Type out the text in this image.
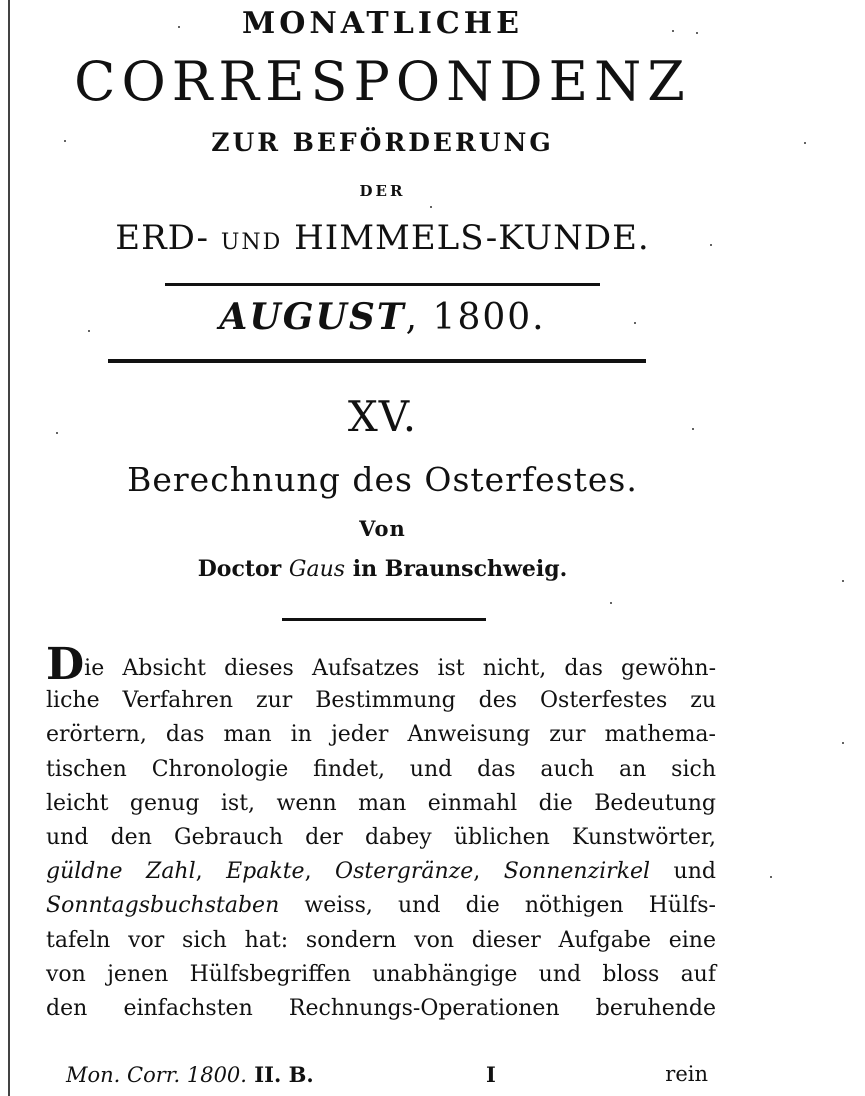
MONATLICHE
CORRESPONDENZ
ZUR BEFÖRDERUNG
DER
ERD- UND HIMMELS-KUNDE.
AUGUST, 1800.
XV.
Berechnung des Osterfestes.
Von
Doctor Gaus in Braunschweig.
Die Absicht dieses Aufsatzes ist nicht, das gewöhn-
liche Verfahren zur Bestimmung des Osterfestes zu
erörtern, das man in jeder Anweisung zur mathema-
tischen Chronologie findet, und das auch an sich
leicht genug ist, wenn man einmahl die Bedeutung
und den Gebrauch der dabey üblichen Kunstwörter,
güldne Zahl, Epakte, Ostergränze, Sonnenzirkel und
Sonntagsbuchstaben weiss, und die nöthigen Hülfs-
tafeln vor sich hat: sondern von dieser Aufgabe eine
von jenen Hülfsbegriffen unabhängige und bloss auf
den einfachsten Rechnungs-Operationen beruhende
Mon. Corr. 1800. II. B.	I	rein
